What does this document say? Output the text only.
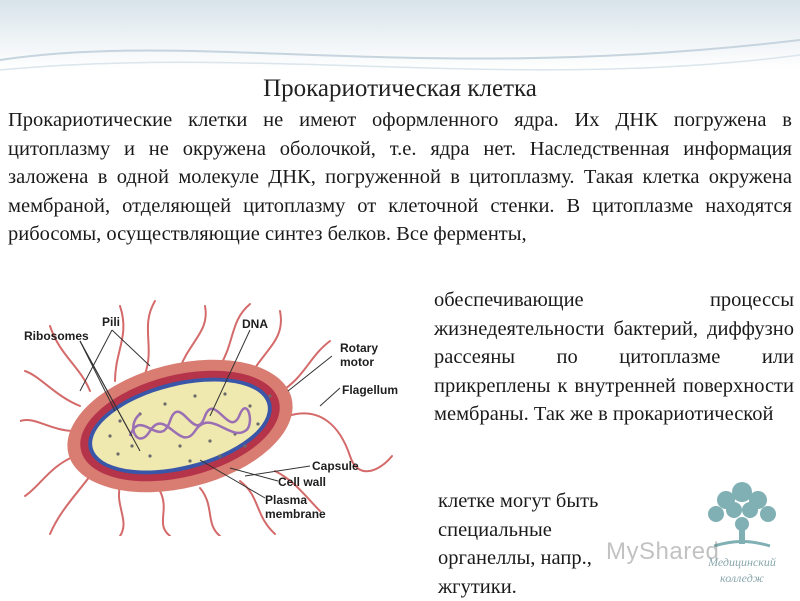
Прокариотическая клетка
Прокариотические клетки не имеют оформленного ядра. Их ДНК погружена в цитоплазму и не окружена оболочкой, т.е. ядра нет. Наследственная информация заложена в одной молекуле ДНК, погруженной в цитоплазму. Такая клетка окружена мембраной, отделяющей цитоплазму от клеточной стенки. В цитоплазме находятся рибосомы, осуществляющие синтез белков. Все ферменты,
Pili	DNA
Ribosomes
Rotary
motor
Flagellum
Capsule
Cell wall
Plasma
membrane
обеспечивающие процессы жизнедеятельности бактерий, диффузно рассеяны по цитоплазме или прикреплены к внутренней поверхности мембраны. Так же в прокариотической
клетке могут быть
специальные
органеллы, напр.,
жгутики.
Медицинский
колледж
MyShared
